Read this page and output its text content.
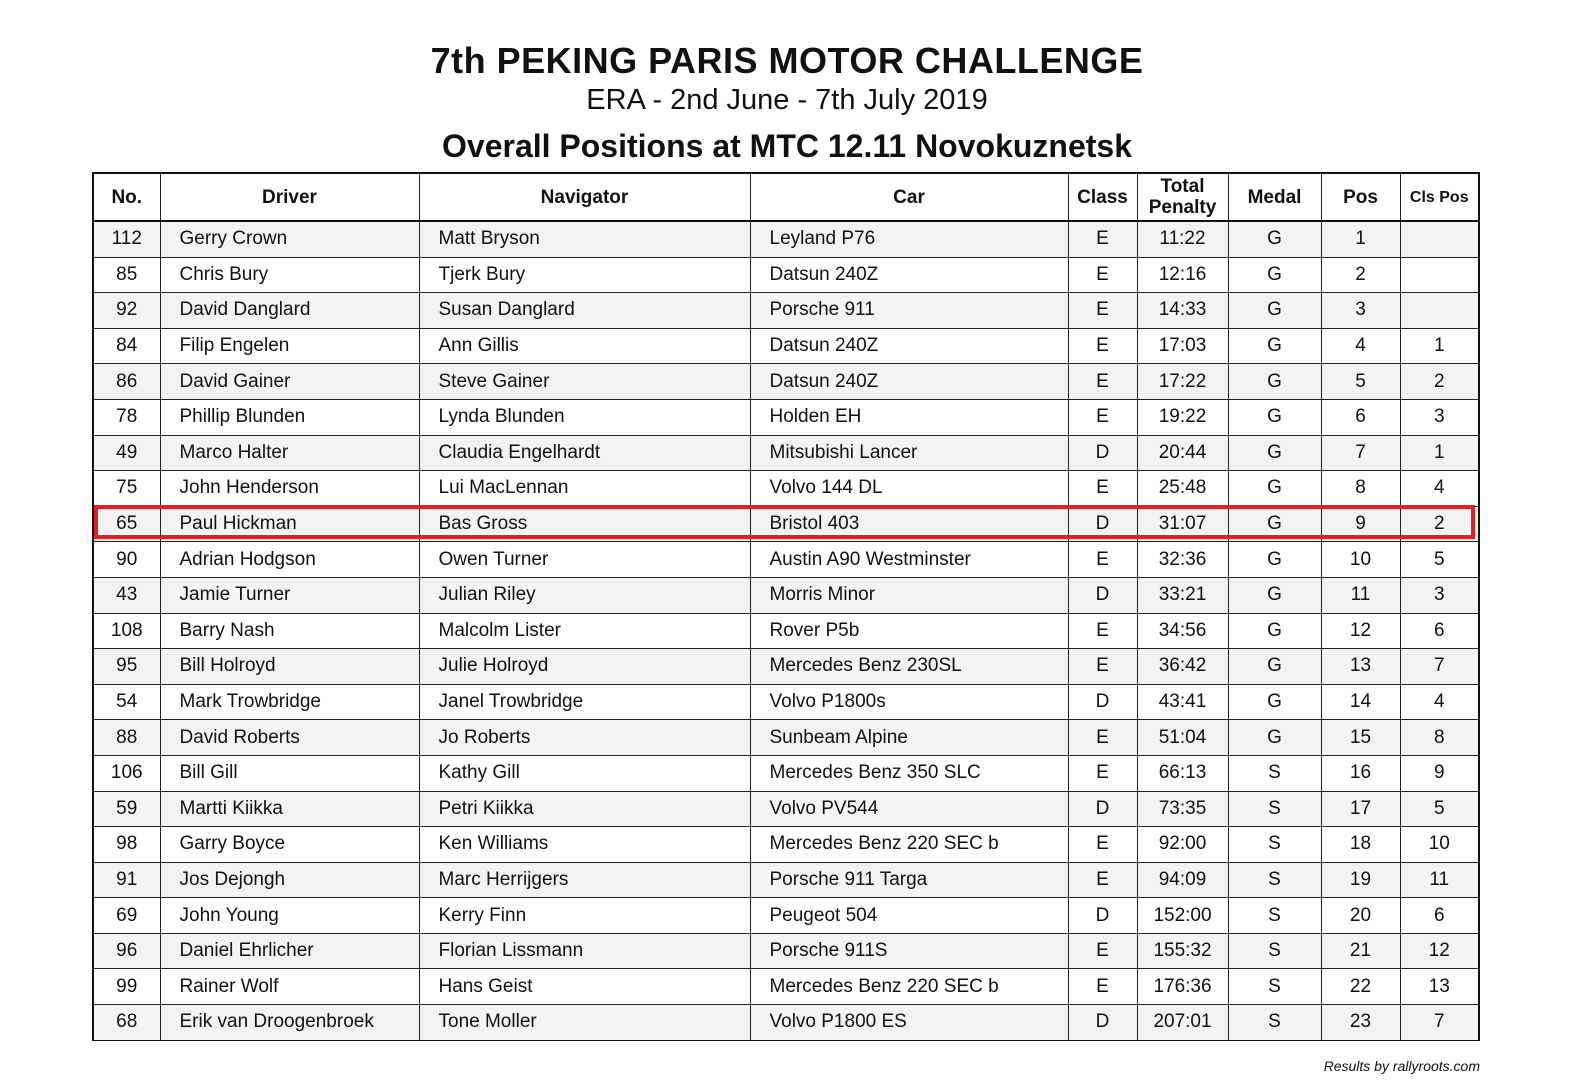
7th PEKING PARIS MOTOR CHALLENGE
ERA - 2nd June - 7th July 2019
Overall Positions at MTC 12.11 Novokuznetsk
No.	Driver	Navigator	Car	Class	Total Penalty	Medal	Pos	Cls Pos
112	Gerry Crown	Matt Bryson	Leyland P76	E	11:22	G	1	
85	Chris Bury	Tjerk Bury	Datsun 240Z	E	12:16	G	2	
92	David Danglard	Susan Danglard	Porsche 911	E	14:33	G	3	
84	Filip Engelen	Ann Gillis	Datsun 240Z	E	17:03	G	4	1
86	David Gainer	Steve Gainer	Datsun 240Z	E	17:22	G	5	2
78	Phillip Blunden	Lynda Blunden	Holden EH	E	19:22	G	6	3
49	Marco Halter	Claudia Engelhardt	Mitsubishi Lancer	D	20:44	G	7	1
75	John Henderson	Lui MacLennan	Volvo 144 DL	E	25:48	G	8	4
65	Paul Hickman	Bas Gross	Bristol 403	D	31:07	G	9	2
90	Adrian Hodgson	Owen Turner	Austin A90 Westminster	E	32:36	G	10	5
43	Jamie Turner	Julian Riley	Morris Minor	D	33:21	G	11	3
108	Barry Nash	Malcolm Lister	Rover P5b	E	34:56	G	12	6
95	Bill Holroyd	Julie Holroyd	Mercedes Benz 230SL	E	36:42	G	13	7
54	Mark Trowbridge	Janel Trowbridge	Volvo P1800s	D	43:41	G	14	4
88	David Roberts	Jo Roberts	Sunbeam Alpine	E	51:04	G	15	8
106	Bill Gill	Kathy Gill	Mercedes Benz 350 SLC	E	66:13	S	16	9
59	Martti Kiikka	Petri Kiikka	Volvo PV544	D	73:35	S	17	5
98	Garry Boyce	Ken Williams	Mercedes Benz 220 SEC b	E	92:00	S	18	10
91	Jos Dejongh	Marc Herrijgers	Porsche 911 Targa	E	94:09	S	19	11
69	John Young	Kerry Finn	Peugeot 504	D	152:00	S	20	6
96	Daniel Ehrlicher	Florian Lissmann	Porsche 911S	E	155:32	S	21	12
99	Rainer Wolf	Hans Geist	Mercedes Benz 220 SEC b	E	176:36	S	22	13
68	Erik van Droogenbroek	Tone Moller	Volvo P1800 ES	D	207:01	S	23	7
Results by rallyroots.com
